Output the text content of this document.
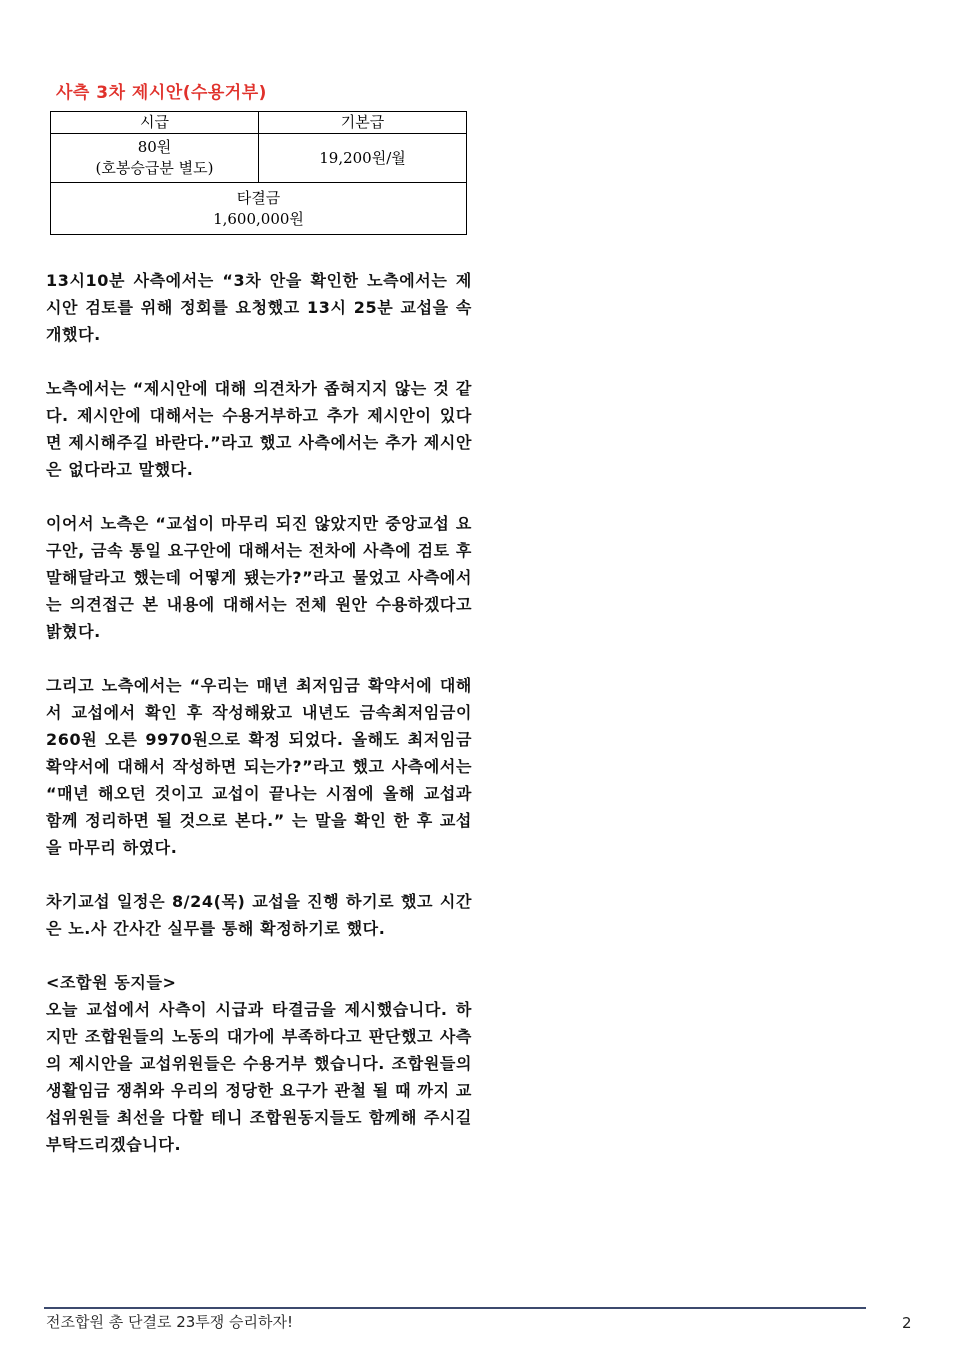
사측 3차 제시안(수용거부)
시급	기본급

80원
(호봉승급분 별도)	19,200원/월

타결금
1,600,000원	

13시10분 사측에서는 “3차 안을 확인한 노측에서는 제시안 검토를 위해 정회를 요청했고 13시 25분 교섭을 속개했다.

노측에서는 “제시안에 대해 의견차가 좁혀지지 않는 것 같다. 제시안에 대해서는 수용거부하고 추가 제시안이 있다면 제시해주길 바란다.”라고 했고 사측에서는 추가 제시안은 없다라고 말했다.

이어서 노측은 “교섭이 마무리 되진 않았지만 중앙교섭 요구안, 금속 통일 요구안에 대해서는 전차에 사측에 검토 후 말해달라고 했는데 어떻게 됐는가?”라고 물었고 사측에서는 의견접근 본 내용에 대해서는 전체 원안 수용하겠다고 밝혔다.

그리고 노측에서는 “우리는 매년 최저임금 확약서에 대해서 교섭에서 확인 후 작성해왔고 내년도 금속최저임금이 260원 오른 9970원으로 확정 되었다. 올해도 최저임금 확약서에 대해서 작성하면 되는가?”라고 했고 사측에서는 “매년 해오던 것이고 교섭이 끝나는 시점에 올해 교섭과 함께 정리하면 될 것으로 본다.” 는 말을 확인 한 후 교섭을 마무리 하였다.

차기교섭 일정은 8/24(목) 교섭을 진행 하기로 했고 시간은 노.사 간사간 실무를 통해 확정하기로 했다.

<조합원 동지들>

오늘 교섭에서 사측이 시급과 타결금을 제시했습니다. 하지만 조합원들의 노동의 대가에 부족하다고 판단했고 사측의 제시안을 교섭위원들은 수용거부 했습니다. 조합원들의 생활임금 쟁취와 우리의 정당한 요구가 관철 될 때 까지 교섭위원들 최선을 다할 테니 조합원동지들도 함께해 주시길 부탁드리겠습니다.

전조합원 총 단결로 23투쟁 승리하자!	2
